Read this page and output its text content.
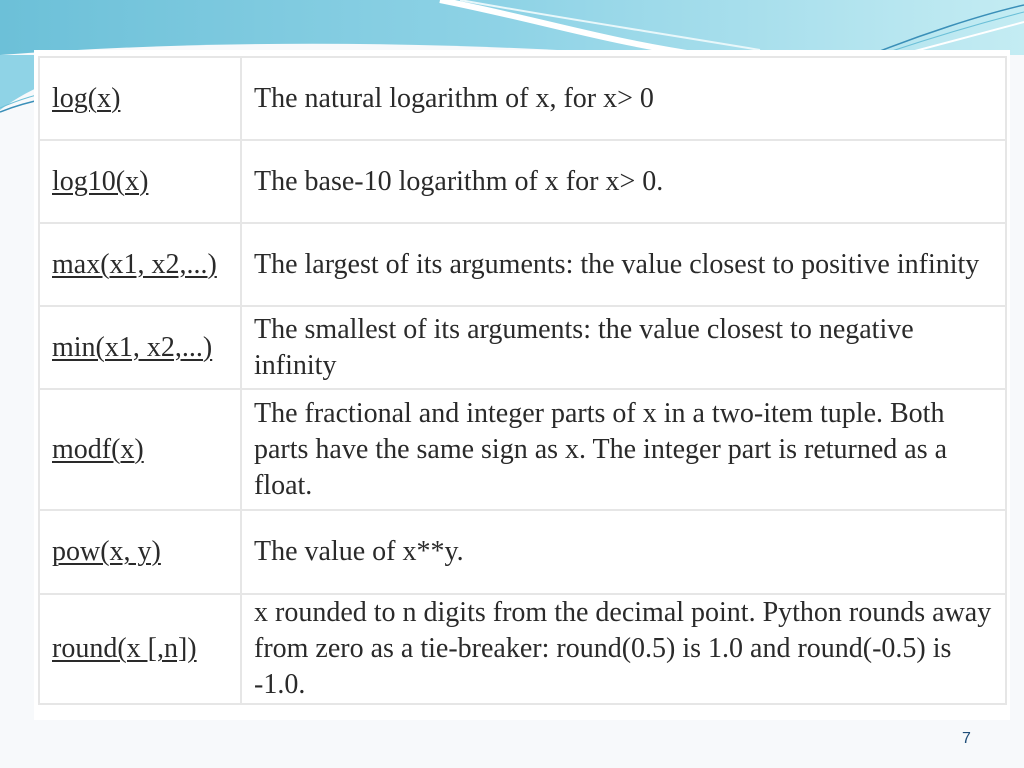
log(x)	The natural logarithm of x, for x> 0
log10(x)	The base-10 logarithm of x for x> 0.
max(x1, x2,...)	The largest of its arguments: the value closest to positive infinity
min(x1, x2,...)	The smallest of its arguments: the value closest to negative infinity
modf(x)	The fractional and integer parts of x in a two-item tuple. Both
parts have the same sign as x. The integer part is returned as a
float.
pow(x, y)	The value of x**y.
round(x [,n])	x rounded to n digits from the decimal point. Python rounds away
from zero as a tie-breaker: round(0.5) is 1.0 and round(-0.5) is -1.0.
7
